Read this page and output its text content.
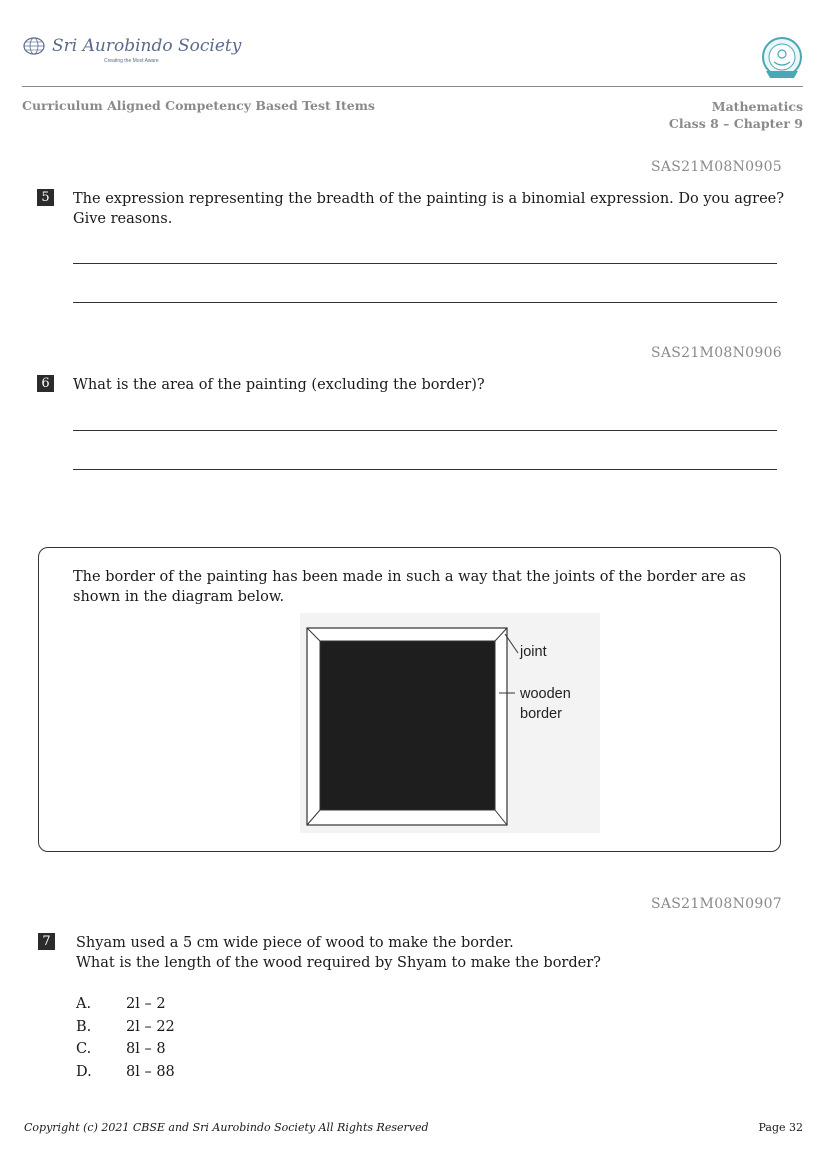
Sri Aurobindo Society
Creating the Most Aware
Curriculum Aligned Competency Based Test Items	Mathematics
Class 8 – Chapter 9
SAS21M08N0905
5	The expression representing the breadth of the painting is a binomial expression. Do you agree? Give reasons.
SAS21M08N0906
6	What is the area of the painting (excluding the border)?
The border of the painting has been made in such a way that the joints of the border are as shown in the diagram below.
joint
wooden
border
SAS21M08N0907
7	Shyam used a 5 cm wide piece of wood to make the border.
What is the length of the wood required by Shyam to make the border?
A.	2l – 2
B.	2l – 22
C.	8l – 8
D.	8l – 88
Copyright (c) 2021 CBSE and Sri Aurobindo Society All Rights Reserved	Page 32
